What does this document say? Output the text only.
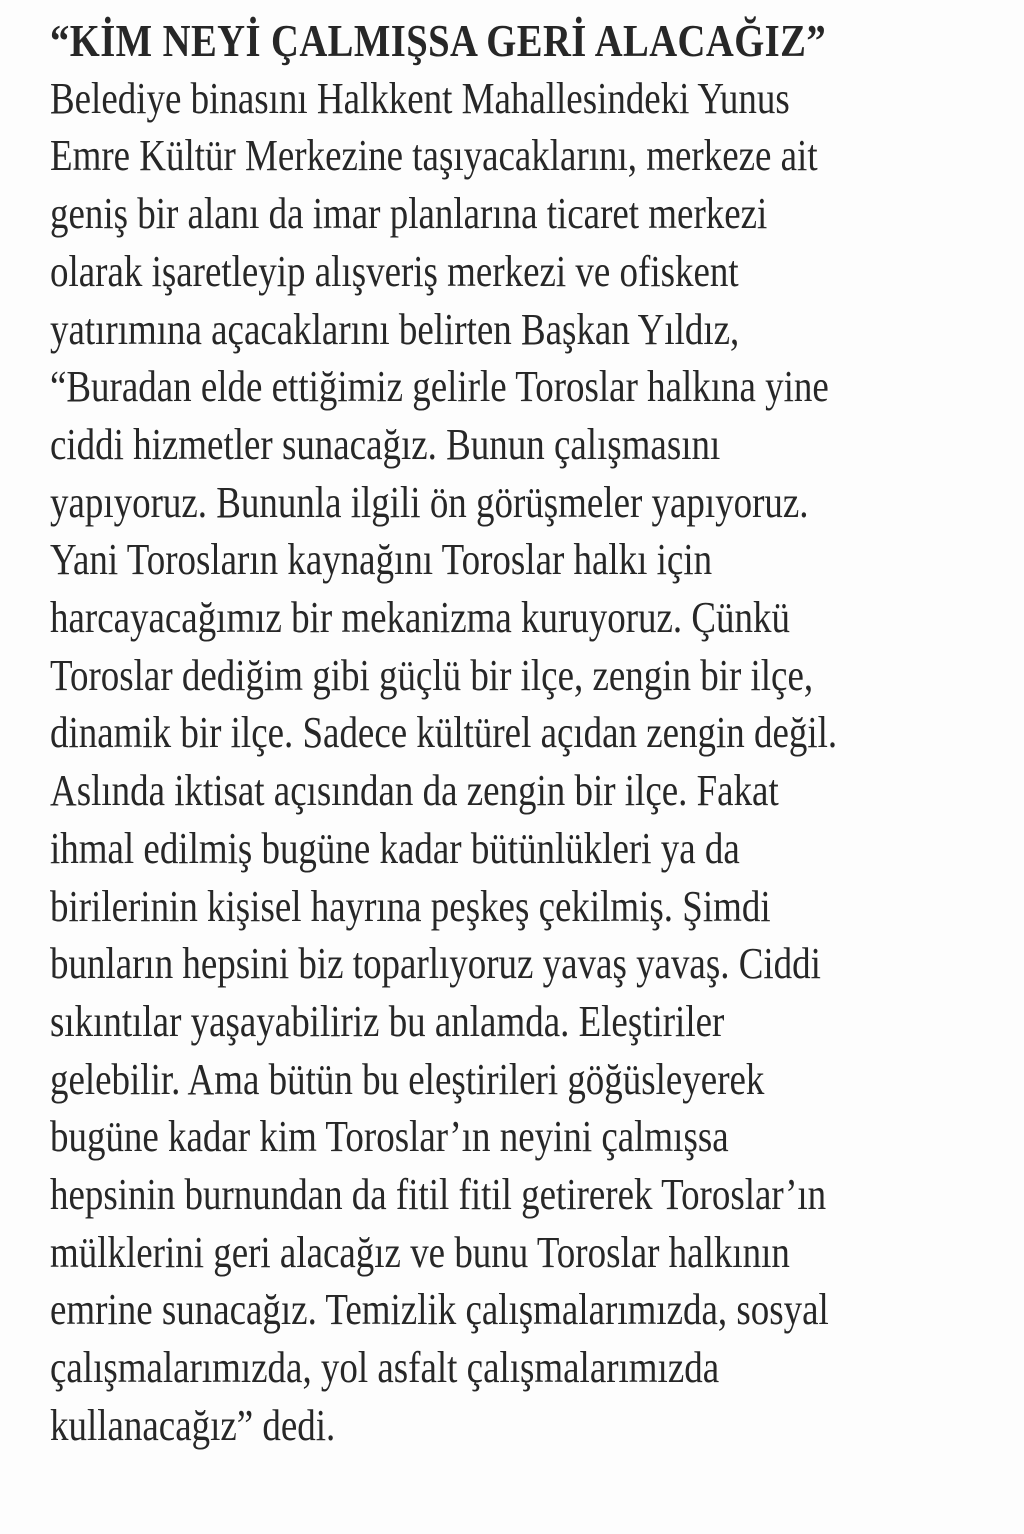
“KİM NEYİ ÇALMIŞSA GERİ ALACAĞIZ”
Belediye binasını Halkkent Mahallesindeki Yunus
Emre Kültür Merkezine taşıyacaklarını, merkeze ait
geniş bir alanı da imar planlarına ticaret merkezi
olarak işaretleyip alışveriş merkezi ve ofiskent
yatırımına açacaklarını belirten Başkan Yıldız,
“Buradan elde ettiğimiz gelirle Toroslar halkına yine
ciddi hizmetler sunacağız. Bunun çalışmasını
yapıyoruz. Bununla ilgili ön görüşmeler yapıyoruz.
Yani Torosların kaynağını Toroslar halkı için
harcayacağımız bir mekanizma kuruyoruz. Çünkü
Toroslar dediğim gibi güçlü bir ilçe, zengin bir ilçe,
dinamik bir ilçe. Sadece kültürel açıdan zengin değil.
Aslında iktisat açısından da zengin bir ilçe. Fakat
ihmal edilmiş bugüne kadar bütünlükleri ya da
birilerinin kişisel hayrına peşkeş çekilmiş. Şimdi
bunların hepsini biz toparlıyoruz yavaş yavaş. Ciddi
sıkıntılar yaşayabiliriz bu anlamda. Eleştiriler
gelebilir. Ama bütün bu eleştirileri göğüsleyerek
bugüne kadar kim Toroslar’ın neyini çalmışsa
hepsinin burnundan da fitil fitil getirerek Toroslar’ın
mülklerini geri alacağız ve bunu Toroslar halkının
emrine sunacağız. Temizlik çalışmalarımızda, sosyal
çalışmalarımızda, yol asfalt çalışmalarımızda
kullanacağız” dedi.
